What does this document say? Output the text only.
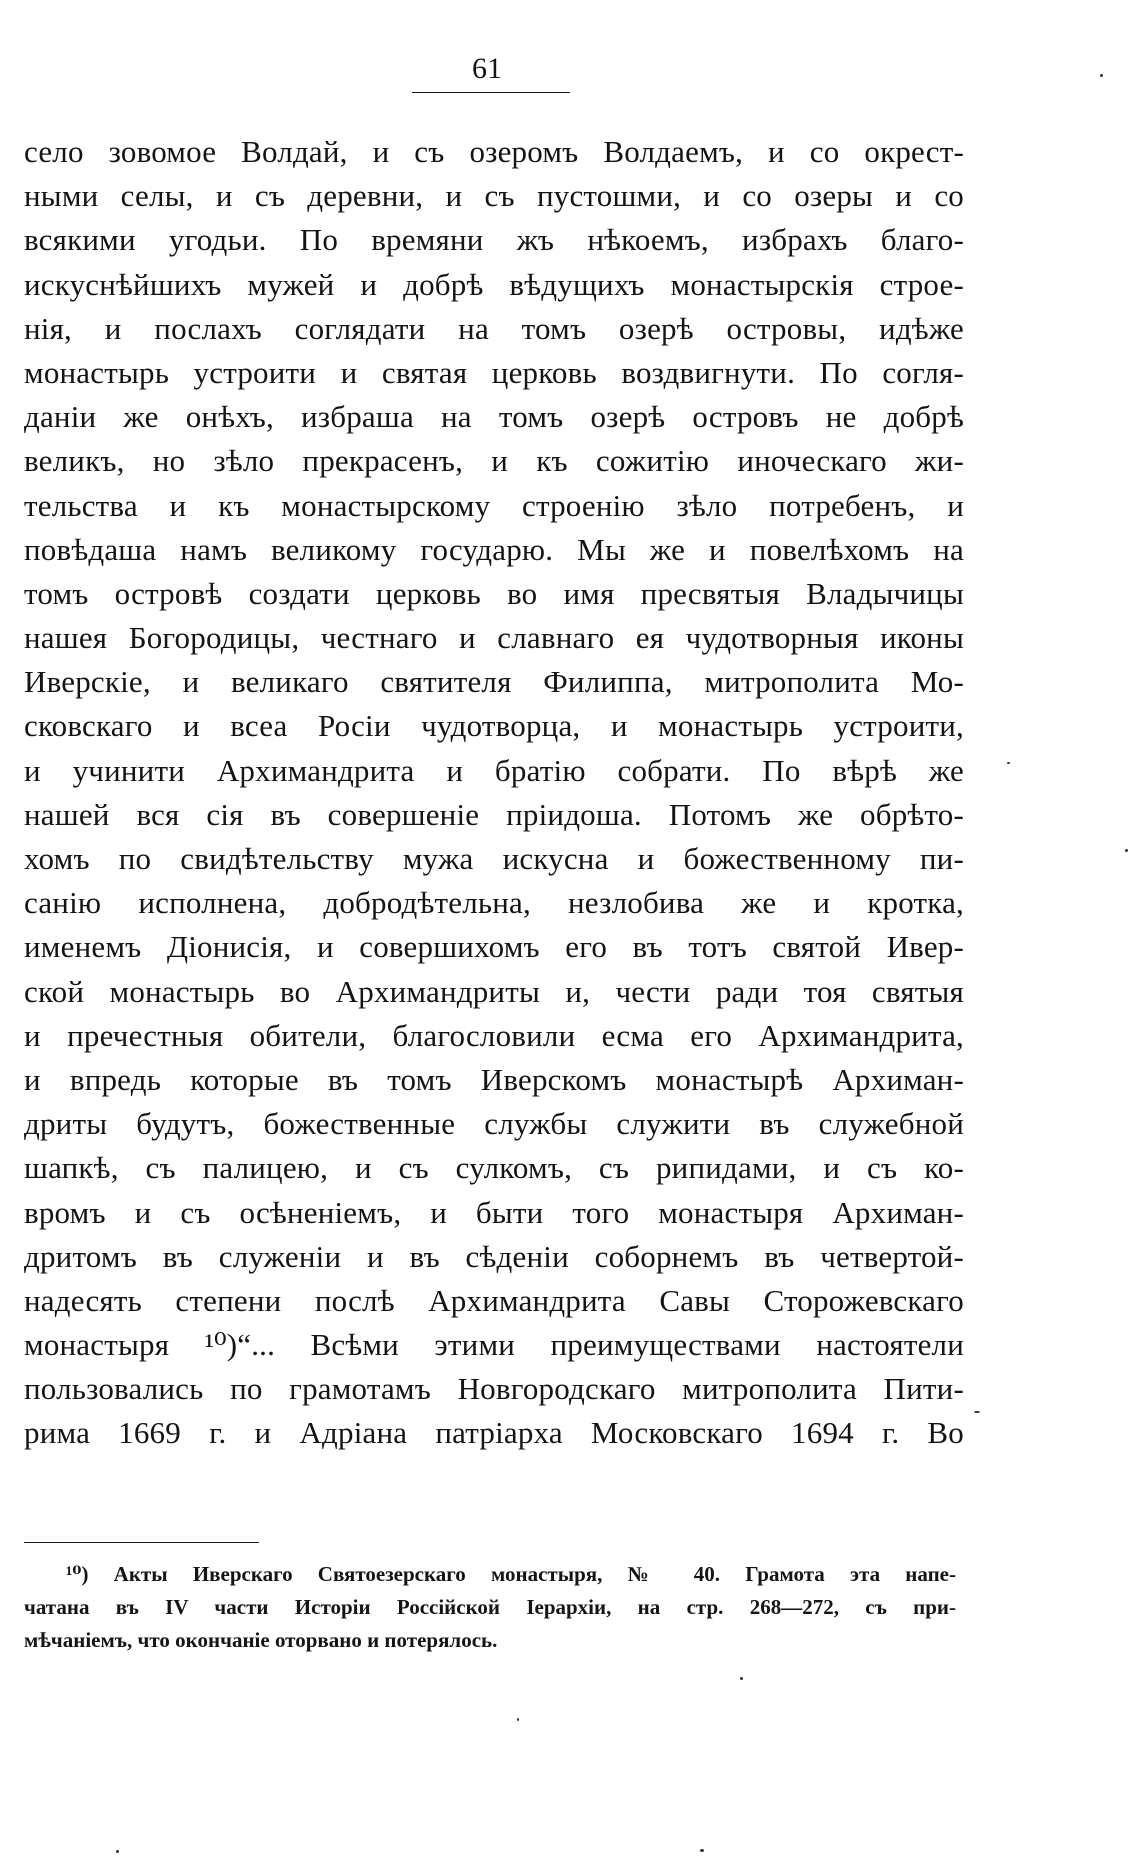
61
село зовомое Волдай, и съ озеромъ Волдаемъ, и со окрест-
ными селы, и съ деревни, и съ пустошми, и со озеры и со
всякими угодьи. По времяни жъ нѣкоемъ, избрахъ благо-
искуснѣйшихъ мужей и добрѣ вѣдущихъ монастырскія строе-
нія, и послахъ соглядати на томъ озерѣ островы, идѣже
монастырь устроити и святая церковь воздвигнути. По согля-
даніи же онѣхъ, избраша на томъ озерѣ островъ не добрѣ
великъ, но зѣло прекрасенъ, и къ сожитію иноческаго жи-
тельства и къ монастырскому строенію зѣло потребенъ, и
повѣдаша намъ великому государю. Мы же и повелѣхомъ на
томъ островѣ создати церковь во имя пресвятыя Владычицы
нашея Богородицы, честнаго и славнаго ея чудотворныя иконы
Иверскіе, и великаго святителя Филиппа, митрополита Мо-
сковскаго и всеа Росіи чудотворца, и монастырь устроити,
и учинити Архимандрита и братію собрати. По вѣрѣ же
нашей вся сія въ совершеніе пріидоша. Потомъ же обрѣто-
хомъ по свидѣтельству мужа искусна и божественному пи-
санію исполнена, добродѣтельна, незлобива же и кротка,
именемъ Діонисія, и совершихомъ его въ тотъ святой Ивер-
ской монастырь во Архимандриты и, чести ради тоя святыя
и пречестныя обители, благословили есма его Архимандрита,
и впредь которые въ томъ Иверскомъ монастырѣ Архиман-
дриты будутъ, божественные службы служити въ служебной
шапкѣ, съ палицею, и съ сулкомъ, съ рипидами, и съ ко-
вромъ и съ осѣненіемъ, и быти того монастыря Архиман-
дритомъ въ служеніи и въ сѣденіи соборнемъ въ четвертой-
надесять степени послѣ Архимандрита Савы Сторожевскаго
монастыря ¹⁰)“... Всѣми этими преимуществами настоятели
пользовались по грамотамъ Новгородскаго митрополита Пити-
рима 1669 г. и Адріана патріарха Московскаго 1694 г. Во
¹⁰) Акты Иверскаго Святоезерскаго монастыря, № 40. Грамота эта напе-
чатана въ IV части Исторіи Россійской Іерархіи, на стр. 268—272, съ при-
мѣчаніемъ, что окончаніе оторвано и потерялось.
